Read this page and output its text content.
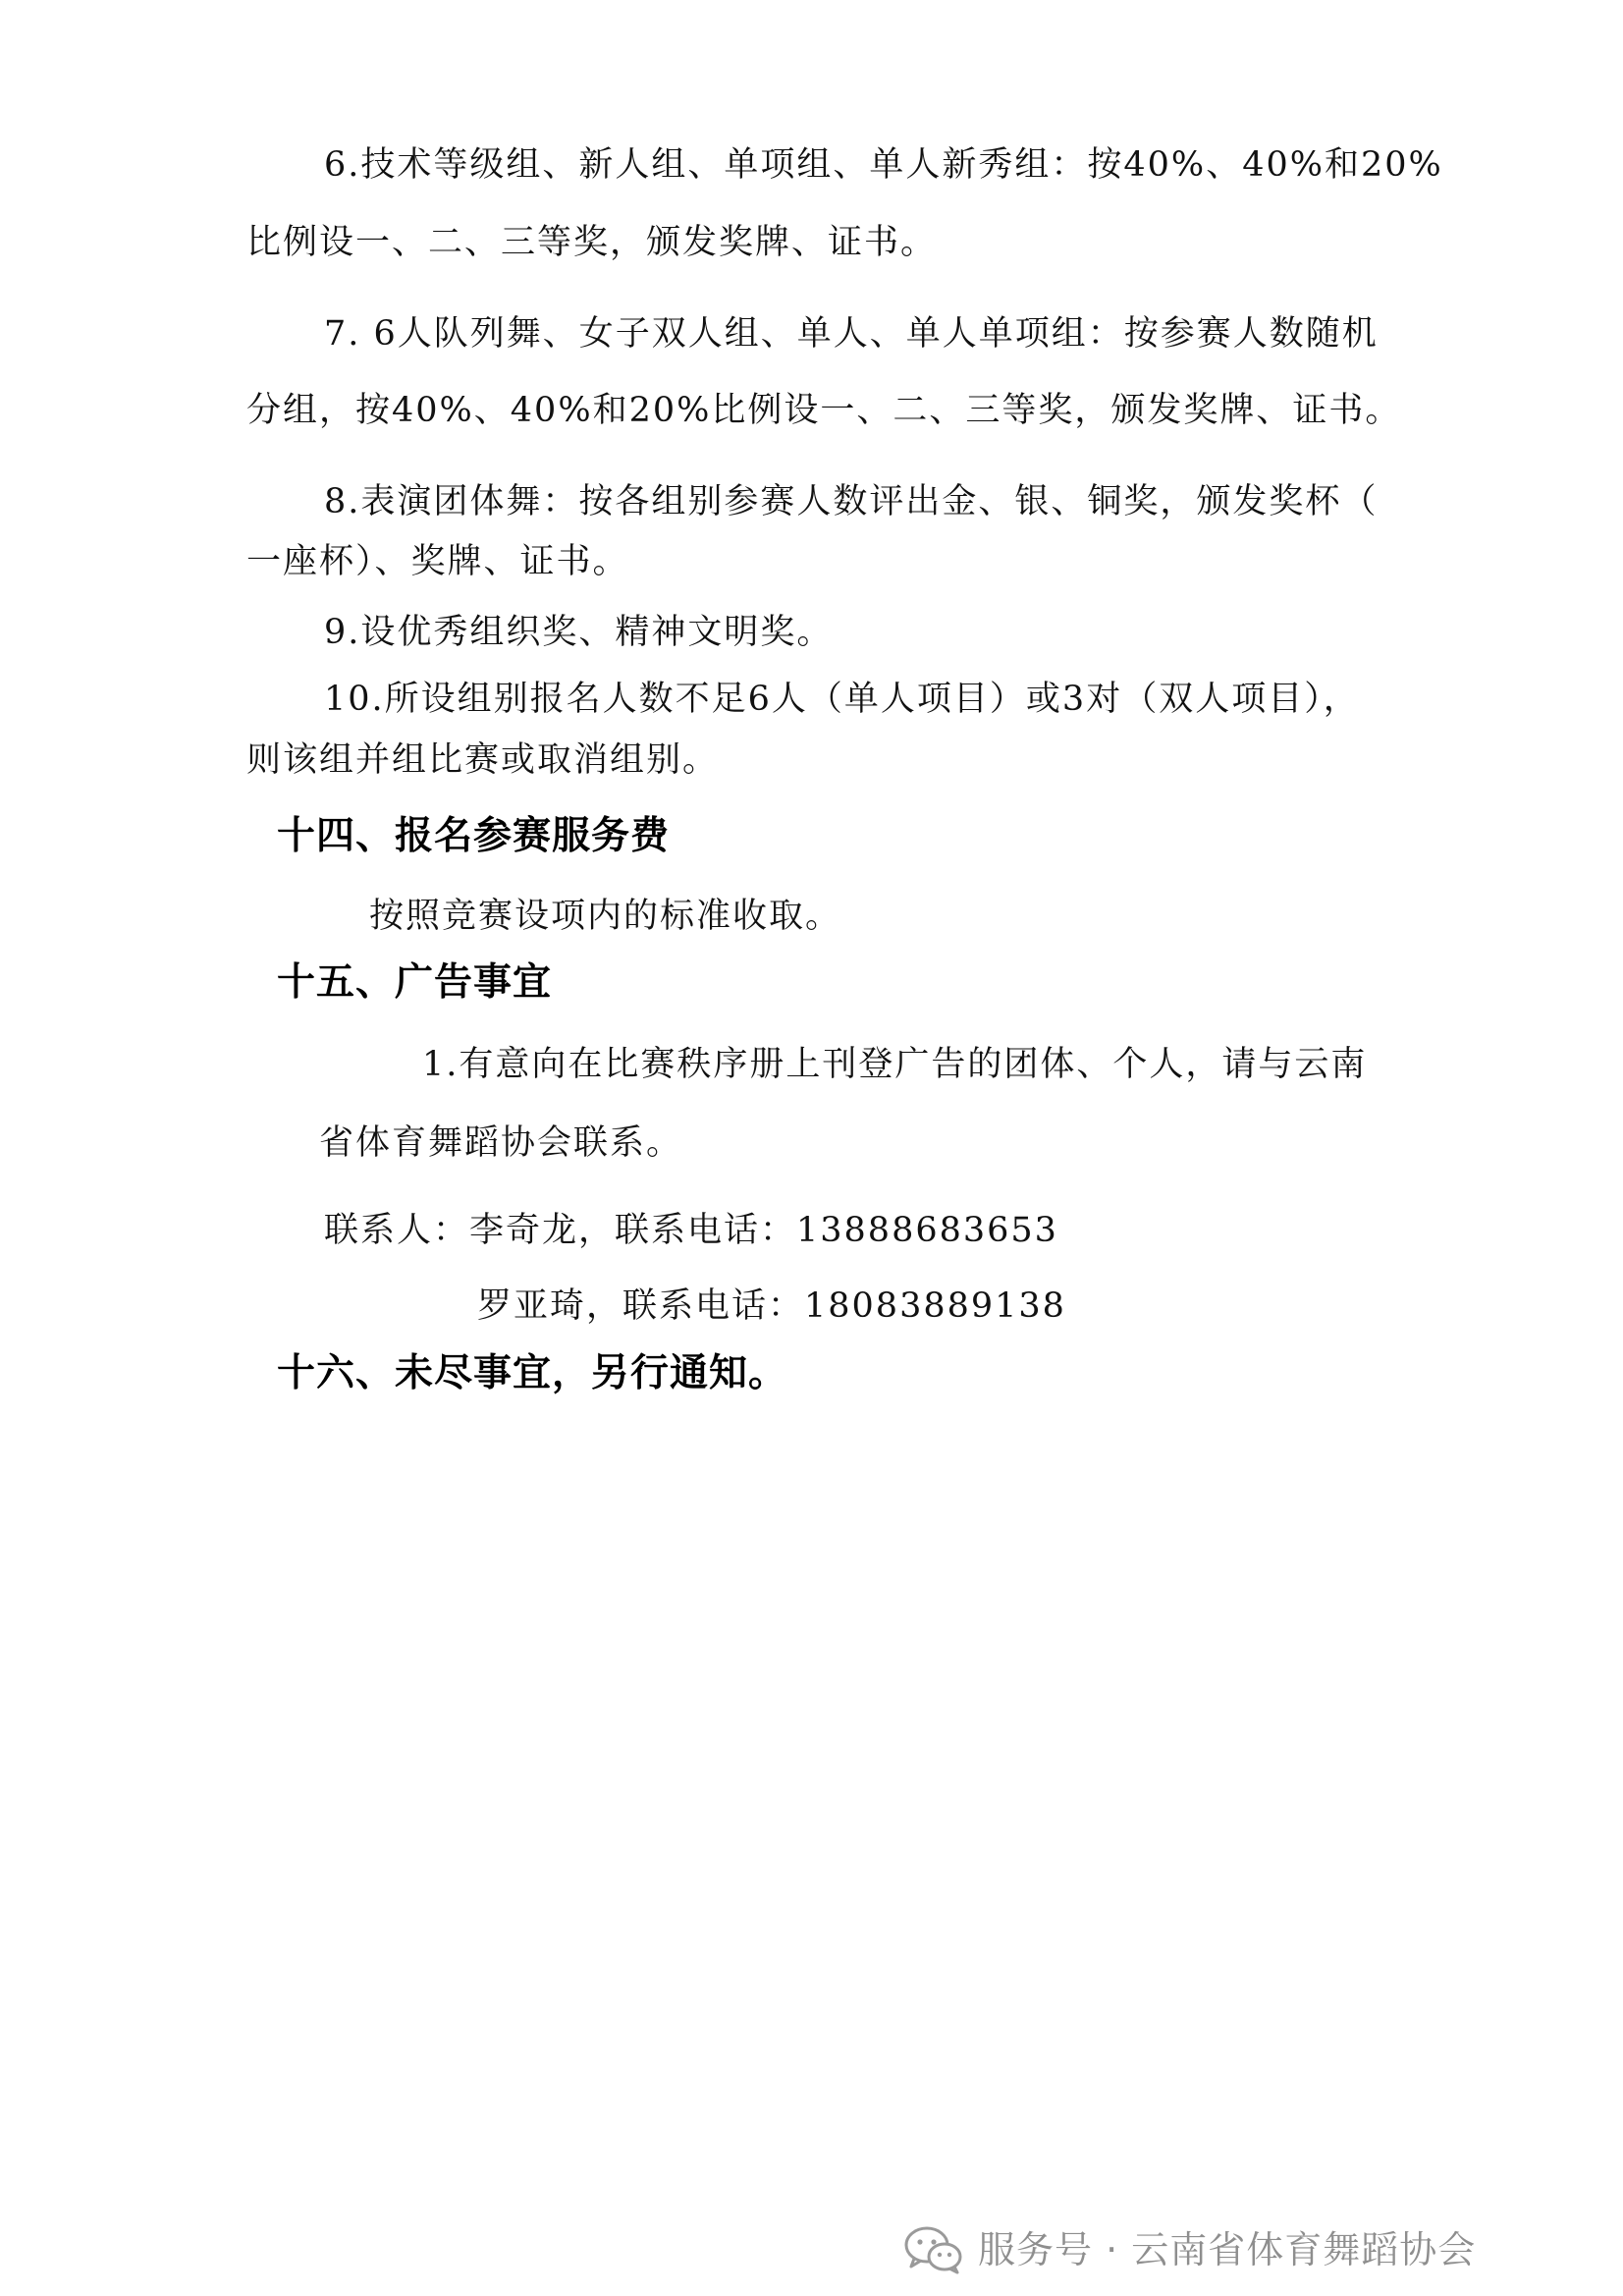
6.技术等级组、新人组、单项组、单人新秀组：按40%、40%和20%
比例设一、二、三等奖，颁发奖牌、证书。
7. 6人队列舞、女子双人组、单人、单人单项组：按参赛人数随机
分组，按40%、40%和20%比例设一、二、三等奖，颁发奖牌、证书。
8.表演团体舞：按各组别参赛人数评出金、银、铜奖，颁发奖杯（
一座杯）、奖牌、证书。
9.设优秀组织奖、精神文明奖。
10.所设组别报名人数不足6人（单人项目）或3对（双人项目），
则该组并组比赛或取消组别。
十四、报名参赛服务费
按照竞赛设项内的标准收取。
十五、广告事宜
1.有意向在比赛秩序册上刊登广告的团体、个人，请与云南
省体育舞蹈协会联系。
联系人：李奇龙，联系电话：13888683653
罗亚琦，联系电话：18083889138
十六、未尽事宜，另行通知。
服务号 · 云南省体育舞蹈协会
